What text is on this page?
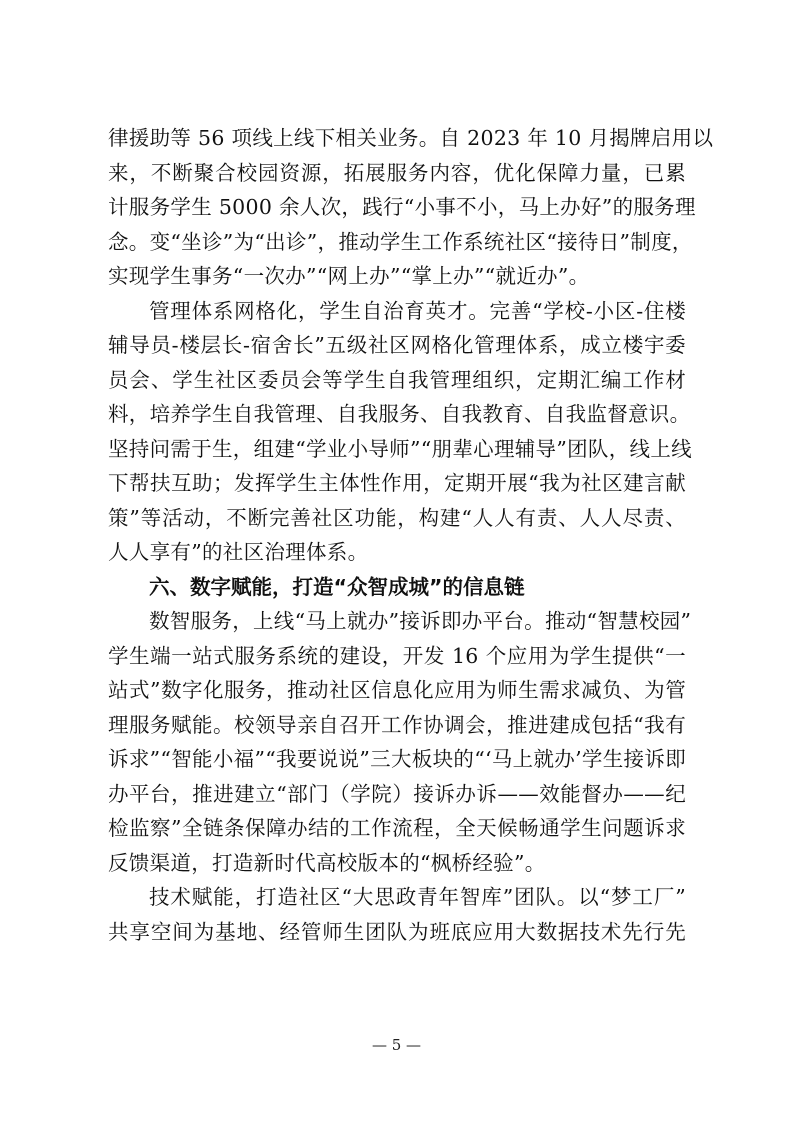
律援助等 56 项线上线下相关业务。自 2023 年 10 月揭牌启用以
来，不断聚合校园资源，拓展服务内容，优化保障力量，已累
计服务学生 5000 余人次，践行“小事不小，马上办好”的服务理
念。变“坐诊”为“出诊”，推动学生工作系统社区“接待日”制度，
实现学生事务“一次办”“网上办”“掌上办”“就近办”。
管理体系网格化，学生自治育英才。完善“学校-小区-住楼
辅导员-楼层长-宿舍长”五级社区网格化管理体系，成立楼宇委
员会、学生社区委员会等学生自我管理组织，定期汇编工作材
料，培养学生自我管理、自我服务、自我教育、自我监督意识。
坚持问需于生，组建“学业小导师”“朋辈心理辅导”团队，线上线
下帮扶互助；发挥学生主体性作用，定期开展“我为社区建言献
策”等活动，不断完善社区功能，构建“人人有责、人人尽责、
人人享有”的社区治理体系。
六、数字赋能，打造“众智成城”的信息链
数智服务，上线“马上就办”接诉即办平台。推动“智慧校园”
学生端一站式服务系统的建设，开发 16 个应用为学生提供“一
站式”数字化服务，推动社区信息化应用为师生需求减负、为管
理服务赋能。校领导亲自召开工作协调会，推进建成包括“我有
诉求”“智能小福”“我要说说”三大板块的“‘马上就办’学生接诉即
办平台，推进建立“部门（学院）接诉办诉——效能督办——纪
检监察”全链条保障办结的工作流程，全天候畅通学生问题诉求
反馈渠道，打造新时代高校版本的“枫桥经验”。
技术赋能，打造社区“大思政青年智库”团队。以“梦工厂”
共享空间为基地、经管师生团队为班底应用大数据技术先行先
— 5 —
